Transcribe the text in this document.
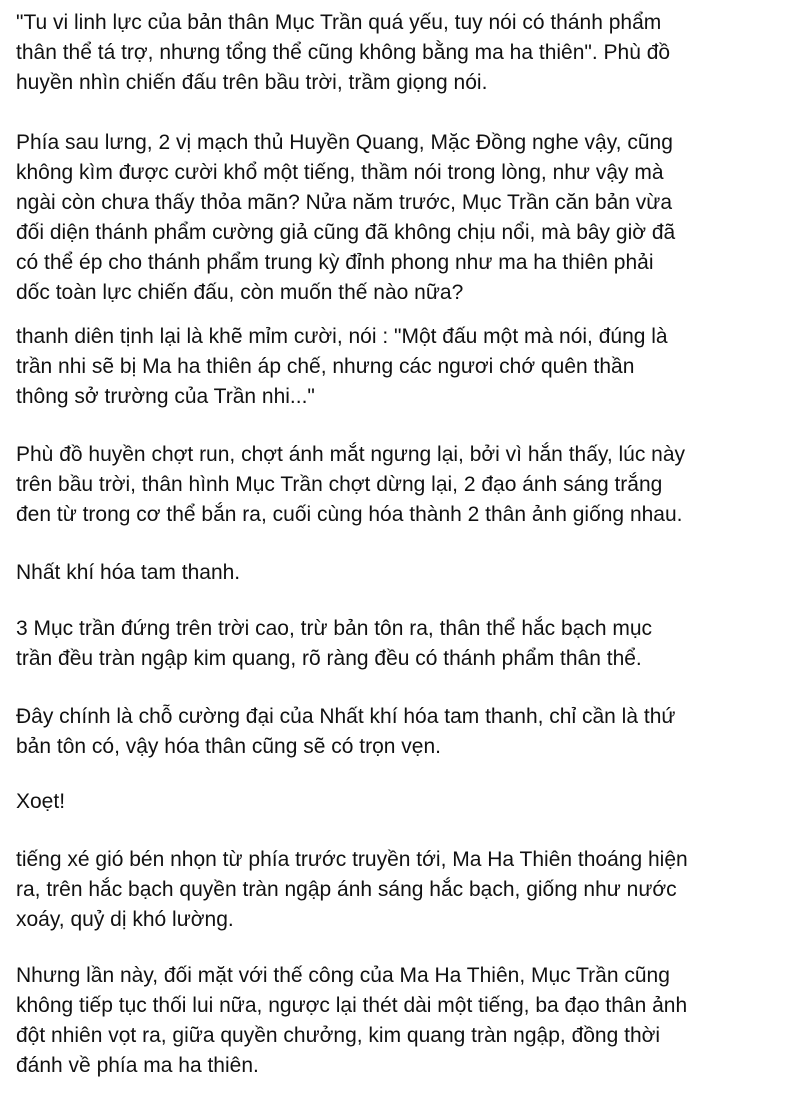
"Tu vi linh lực của bản thân Mục Trần quá yếu, tuy nói có thánh phẩm
thân thể tá trợ, nhưng tổng thể cũng không bằng ma ha thiên". Phù đồ
huyền nhìn chiến đấu trên bầu trời, trầm giọng nói.

Phía sau lưng, 2 vị mạch thủ Huyền Quang, Mặc Đồng nghe vậy, cũng
không kìm được cười khổ một tiếng, thầm nói trong lòng, như vậy mà
ngài còn chưa thấy thỏa mãn? Nửa năm trước, Mục Trần căn bản vừa
đối diện thánh phẩm cường giả cũng đã không chịu nổi, mà bây giờ đã
có thể ép cho thánh phẩm trung kỳ đỉnh phong như ma ha thiên phải
dốc toàn lực chiến đấu, còn muốn thế nào nữa?

thanh diên tịnh lại là khẽ mỉm cười, nói : "Một đấu một mà nói, đúng là
trần nhi sẽ bị Ma ha thiên áp chế, nhưng các ngươi chớ quên thần
thông sở trường của Trần nhi..."

Phù đồ huyền chợt run, chợt ánh mắt ngưng lại, bởi vì hắn thấy, lúc này
trên bầu trời, thân hình Mục Trần chợt dừng lại, 2 đạo ánh sáng trắng
đen từ trong cơ thể bắn ra, cuối cùng hóa thành 2 thân ảnh giống nhau.

Nhất khí hóa tam thanh.

3 Mục trần đứng trên trời cao, trừ bản tôn ra, thân thể hắc bạch mục
trần đều tràn ngập kim quang, rõ ràng đều có thánh phẩm thân thể.

Đây chính là chỗ cường đại của Nhất khí hóa tam thanh, chỉ cần là thứ
bản tôn có, vậy hóa thân cũng sẽ có trọn vẹn.

Xoẹt!

tiếng xé gió bén nhọn từ phía trước truyền tới, Ma Ha Thiên thoáng hiện
ra, trên hắc bạch quyền tràn ngập ánh sáng hắc bạch, giống như nước
xoáy, quỷ dị khó lường.

Nhưng lần này, đối mặt với thế công của Ma Ha Thiên, Mục Trần cũng
không tiếp tục thối lui nữa, ngược lại thét dài một tiếng, ba đạo thân ảnh
đột nhiên vọt ra, giữa quyền chưởng, kim quang tràn ngập, đồng thời
đánh về phía ma ha thiên.
